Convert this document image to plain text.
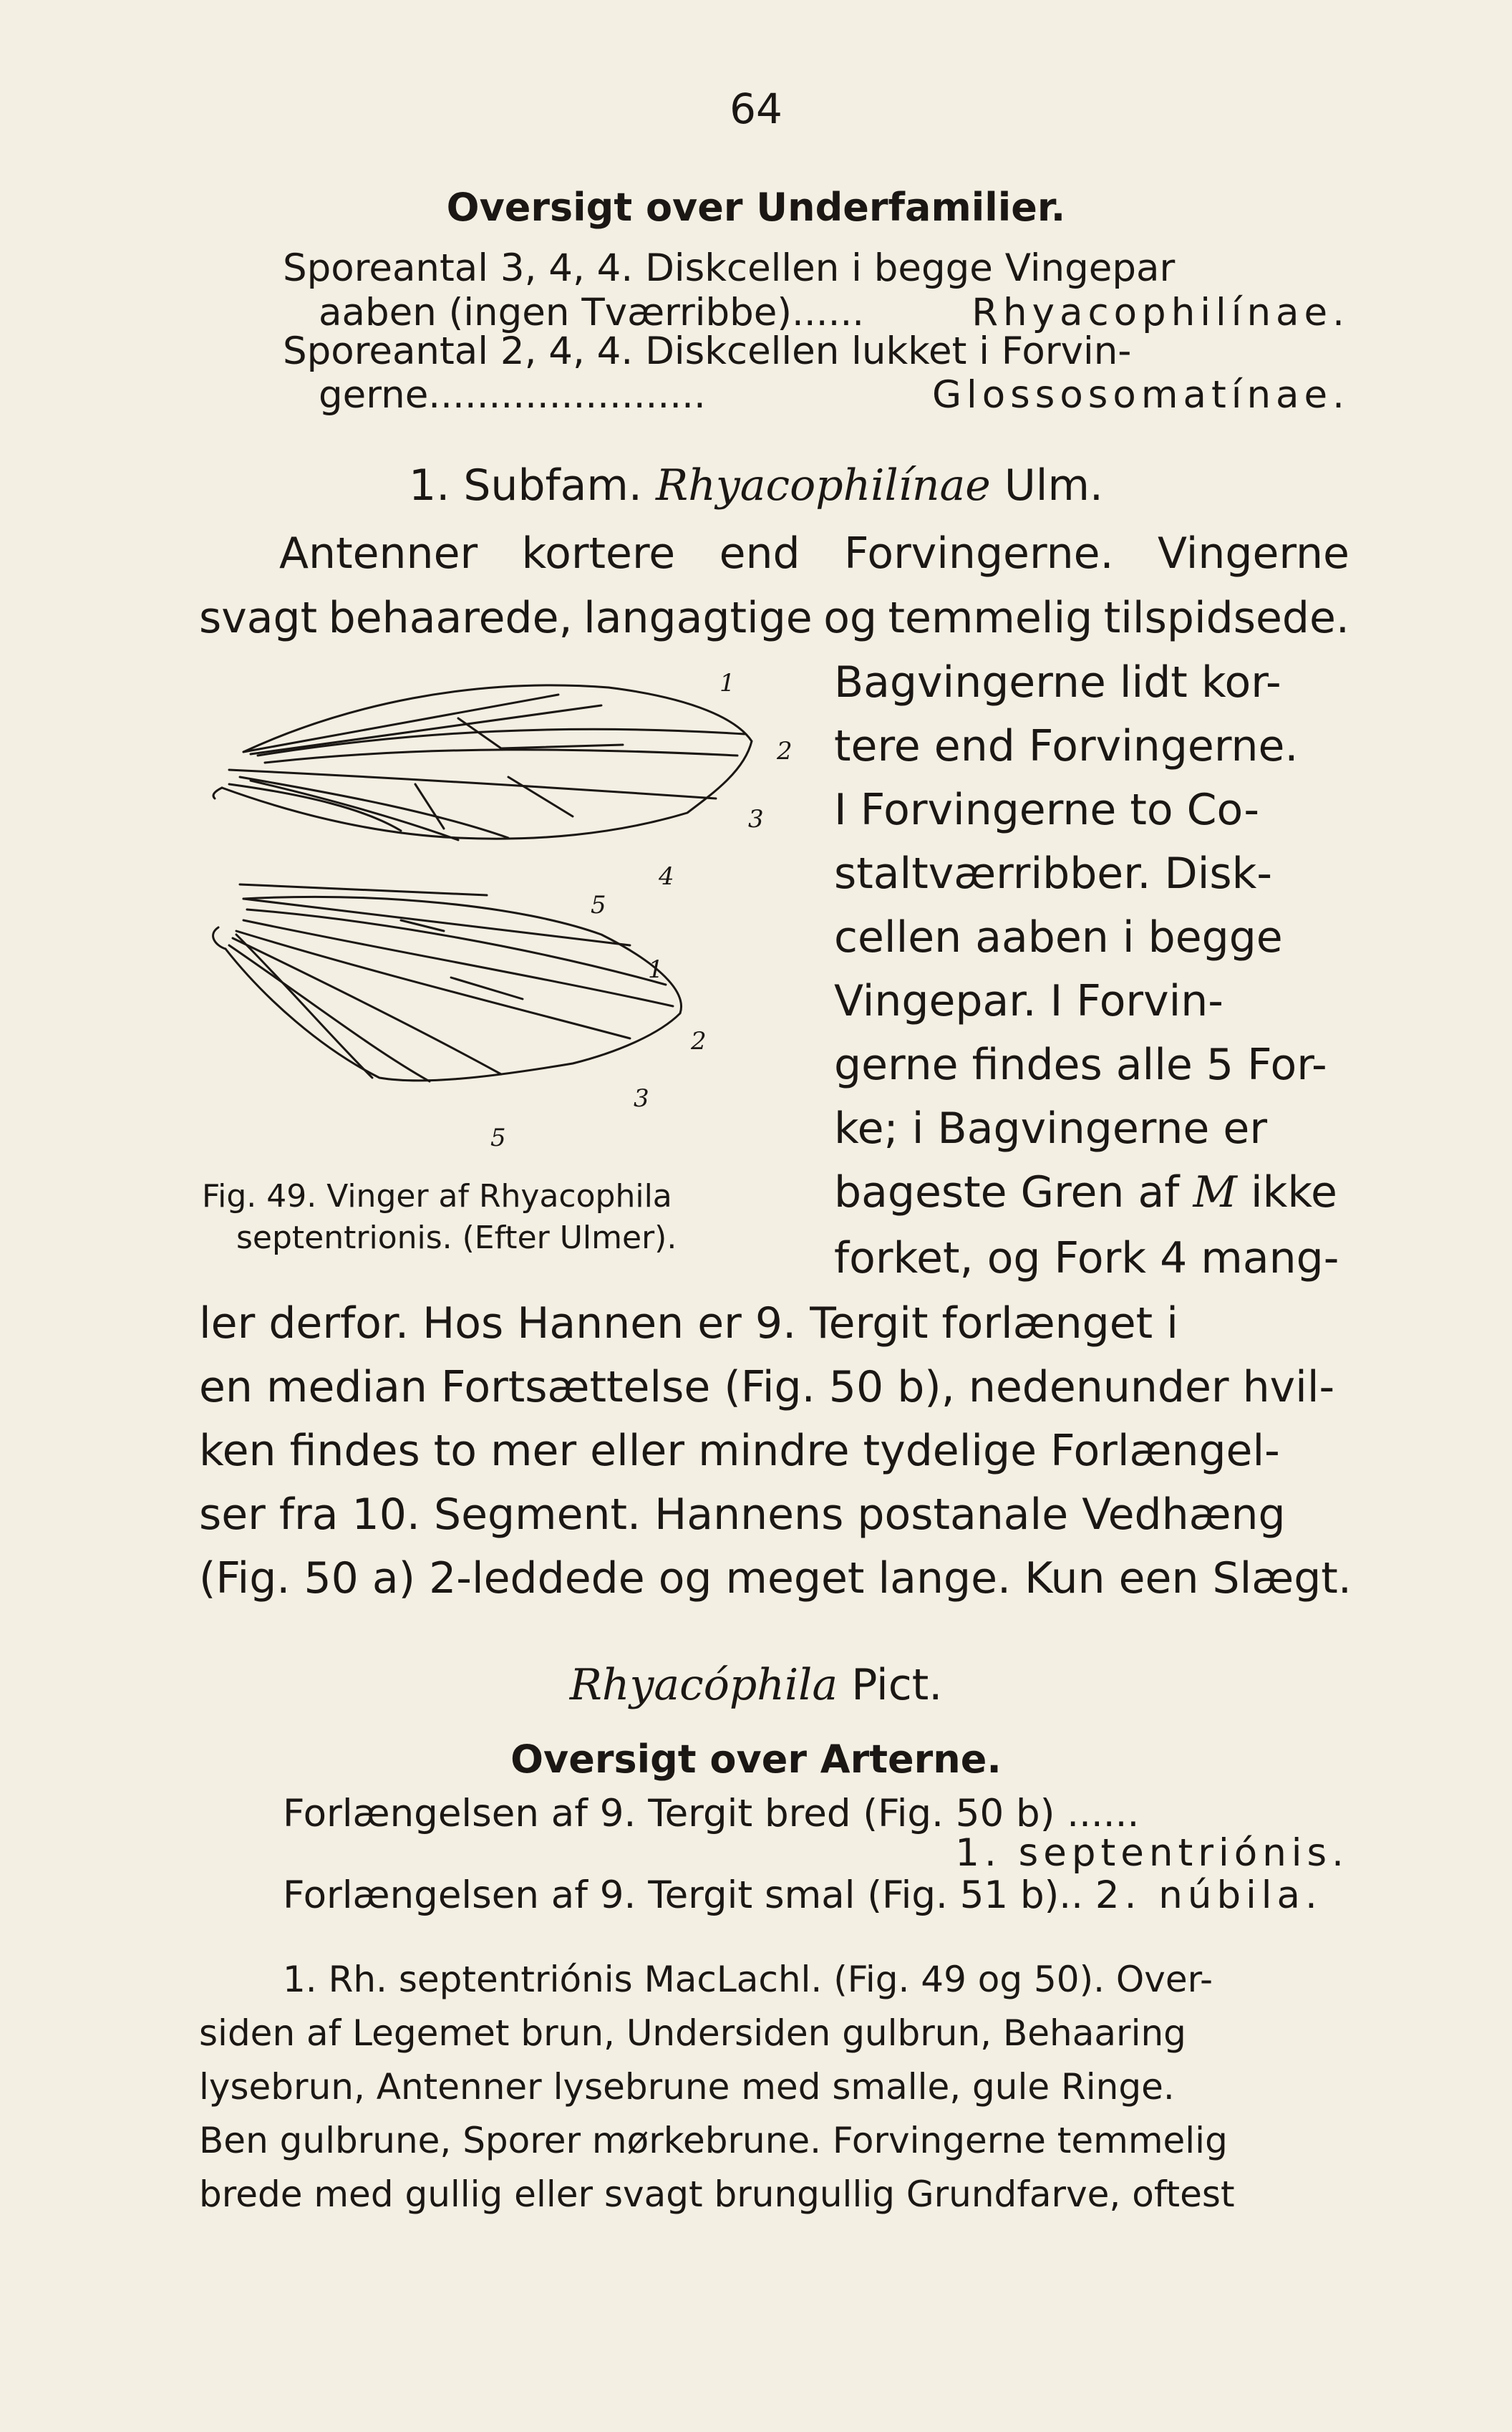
64
Oversigt over Underfamilier.
Sporeantal 3, 4, 4. Diskcellen i begge Vingepar
aaben (ingen Tværribbe)......	Rhyacophilínae.
Sporeantal 2, 4, 4. Diskcellen lukket i Forvin-
gerne.......................	Glossosomatínae.
1. Subfam. Rhyacophilínae Ulm.
Antenner kortere end Forvingerne. Vingerne
svagt behaarede, langagtige og temmelig tilspidsede.
Bagvingerne lidt kor-
tere end Forvingerne.
I Forvingerne to Co-
staltværribber. Disk-
cellen aaben i begge
Vingepar. I Forvin-
gerne findes alle 5 For-
ke; i Bagvingerne er
bageste Gren af M ikke
forket, og Fork 4 mang-
1
2
3
4
5
1
2
3
5
Fig. 49. Vinger af Rhyacophila
septentrionis. (Efter Ulmer).
ler derfor. Hos Hannen er 9. Tergit forlænget i
en median Fortsættelse (Fig. 50 b), nedenunder hvil-
ken findes to mer eller mindre tydelige Forlængel-
ser fra 10. Segment. Hannens postanale Vedhæng
(Fig. 50 a) 2-leddede og meget lange. Kun een Slægt.
Rhyacóphila Pict.
Oversigt over Arterne.
Forlængelsen af 9. Tergit bred (Fig. 50 b) ......
1. septentriónis.
Forlængelsen af 9. Tergit smal (Fig. 51 b).. 2. núbila.
1. Rh. septentriónis MacLachl. (Fig. 49 og 50). Over-
siden af Legemet brun, Undersiden gulbrun, Behaaring
lysebrun, Antenner lysebrune med smalle, gule Ringe.
Ben gulbrune, Sporer mørkebrune. Forvingerne temmelig
brede med gullig eller svagt brungullig Grundfarve, oftest
